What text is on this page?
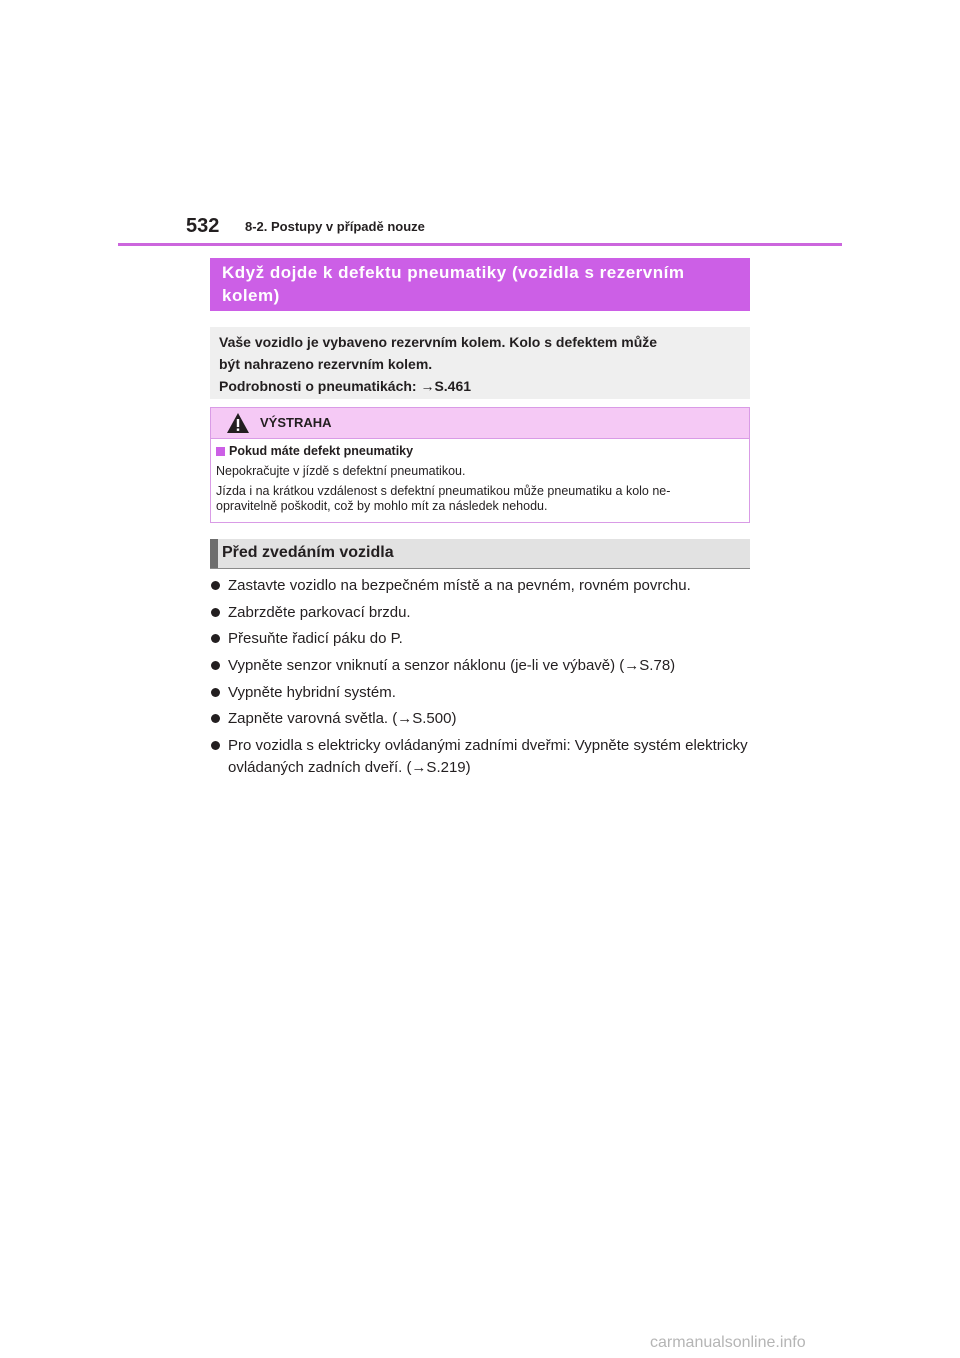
532 8-2. Postupy v případě nouze
Když dojde k defektu pneumatiky (vozidla s rezervním
kolem)
Vaše vozidlo je vybaveno rezervním kolem. Kolo s defektem může
být nahrazeno rezervním kolem.
Podrobnosti o pneumatikách: →S.461
VÝSTRAHA
Pokud máte defekt pneumatiky
Nepokračujte v jízdě s defektní pneumatikou.
Jízda i na krátkou vzdálenost s defektní pneumatikou může pneumatiku a kolo ne-
opravitelně poškodit, což by mohlo mít za následek nehodu.
Před zvedáním vozidla
Zastavte vozidlo na bezpečném místě a na pevném, rovném povrchu.
Zabrzděte parkovací brzdu.
Přesuňte řadicí páku do P.
Vypněte senzor vniknutí a senzor náklonu (je-li ve výbavě) (→S.78)
Vypněte hybridní systém.
Zapněte varovná světla. (→S.500)
Pro vozidla s elektricky ovládanými zadními dveřmi: Vypněte systém elektricky ovládaných zadních dveří. (→S.219)
carmanualsonline.info
